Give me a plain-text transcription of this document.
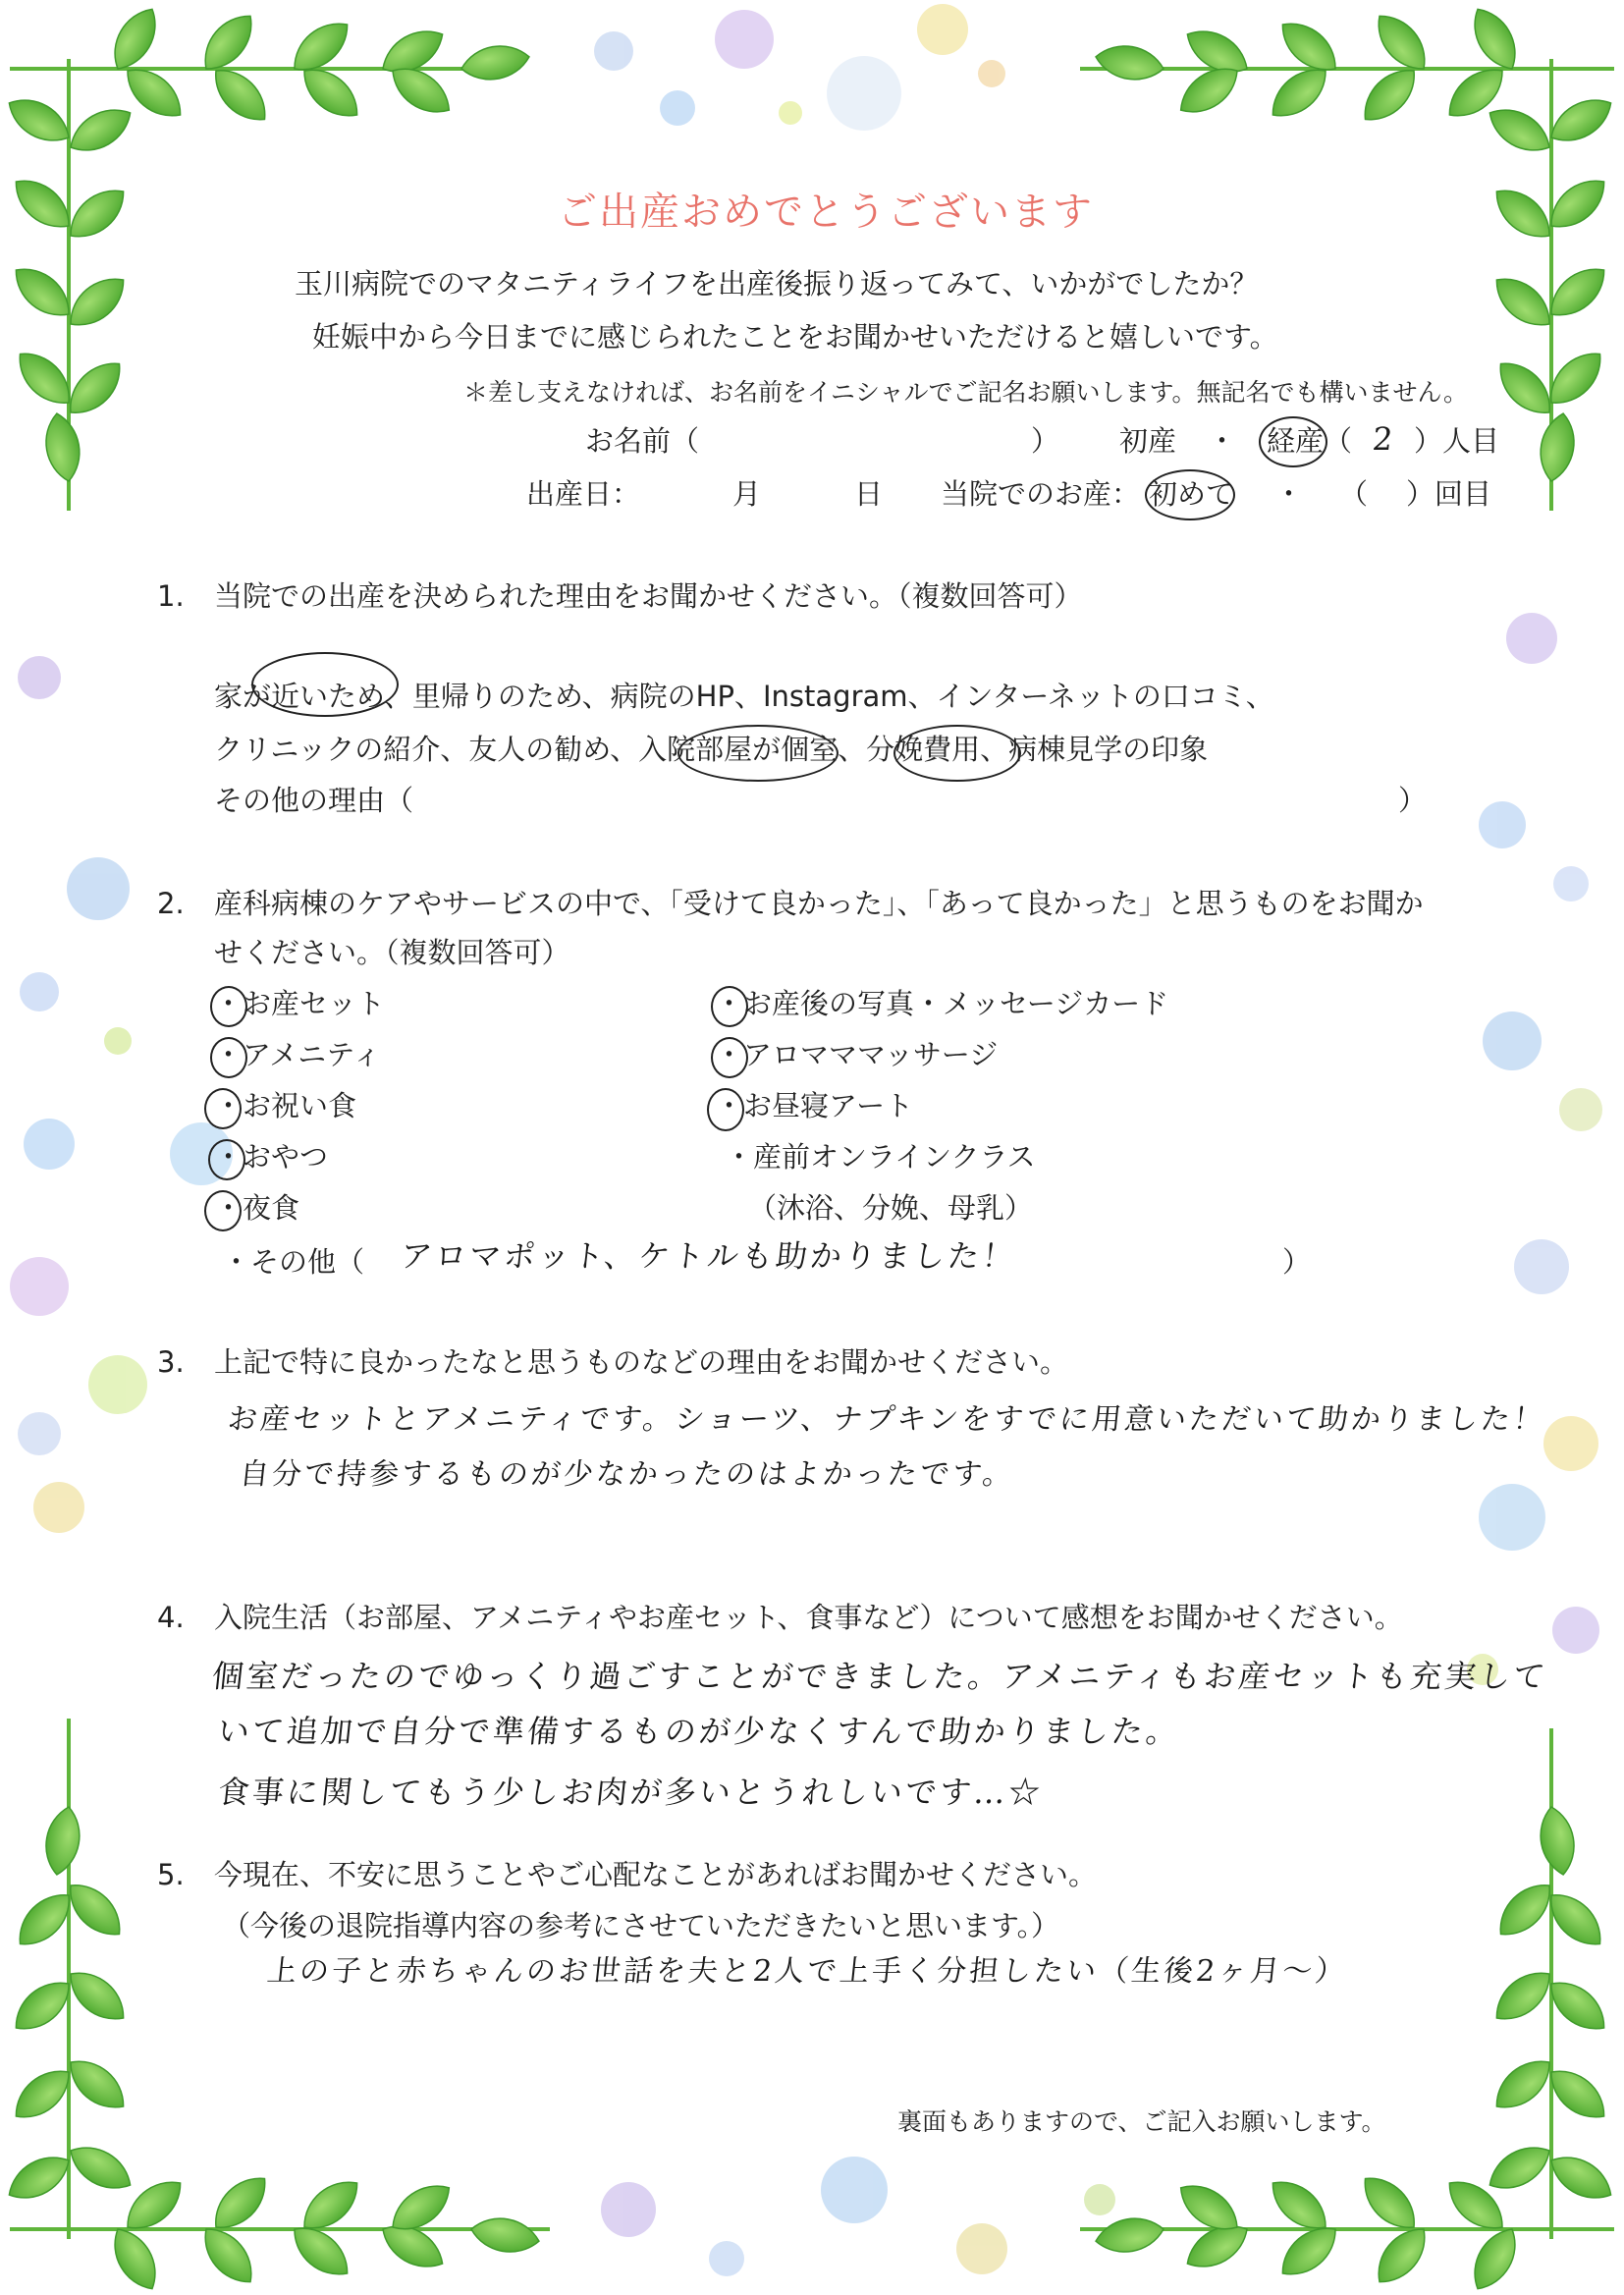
ご出産おめでとうございます
玉川病院でのマタニティライフを出産後振り返ってみて、いかがでしたか？
妊娠中から今日までに感じられたことをお聞かせいただけると嬉しいです。
＊差し支えなければ、お名前をイニシャルでご記名お願いします。無記名でも構いません。
お名前（	） 初産 ・ 経産（ 2 ）人目
出産日：	月	日 当院でのお産： 初めて ・ （ ）回目
1. 当院での出産を決められた理由をお聞かせください。（複数回答可）
家が近いため、里帰りのため、病院のHP、Instagram、インターネットの口コミ、
クリニックの紹介、友人の勧め、入院部屋が個室、分娩費用、病棟見学の印象
その他の理由（	）
2. 産科病棟のケアやサービスの中で、「受けて良かった」、「あって良かった」と思うものをお聞か
せください。（複数回答可）
・お産セット
・アメニティ
・お祝い食
・おやつ
・夜食
・お産後の写真・メッセージカード
・アロマママッサージ
・お昼寝アート
・産前オンラインクラス
（沐浴、分娩、母乳）
・その他（ アロマポット、ケトルも助かりました！	）
3. 上記で特に良かったなと思うものなどの理由をお聞かせください。
お産セットとアメニティです。ショーツ、ナプキンをすでに用意いただいて助かりました！
自分で持参するものが少なかったのはよかったです。
4. 入院生活（お部屋、アメニティやお産セット、食事など）について感想をお聞かせください。
個室だったのでゆっくり過ごすことができました。アメニティもお産セットも充実して
いて追加で自分で準備するものが少なくすんで助かりました。
食事に関してもう少しお肉が多いとうれしいです…☆
5. 今現在、不安に思うことやご心配なことがあればお聞かせください。
（今後の退院指導内容の参考にさせていただきたいと思います。）
上の子と赤ちゃんのお世話を夫と2人で上手く分担したい（生後2ヶ月〜）
裏面もありますので、ご記入お願いします。
